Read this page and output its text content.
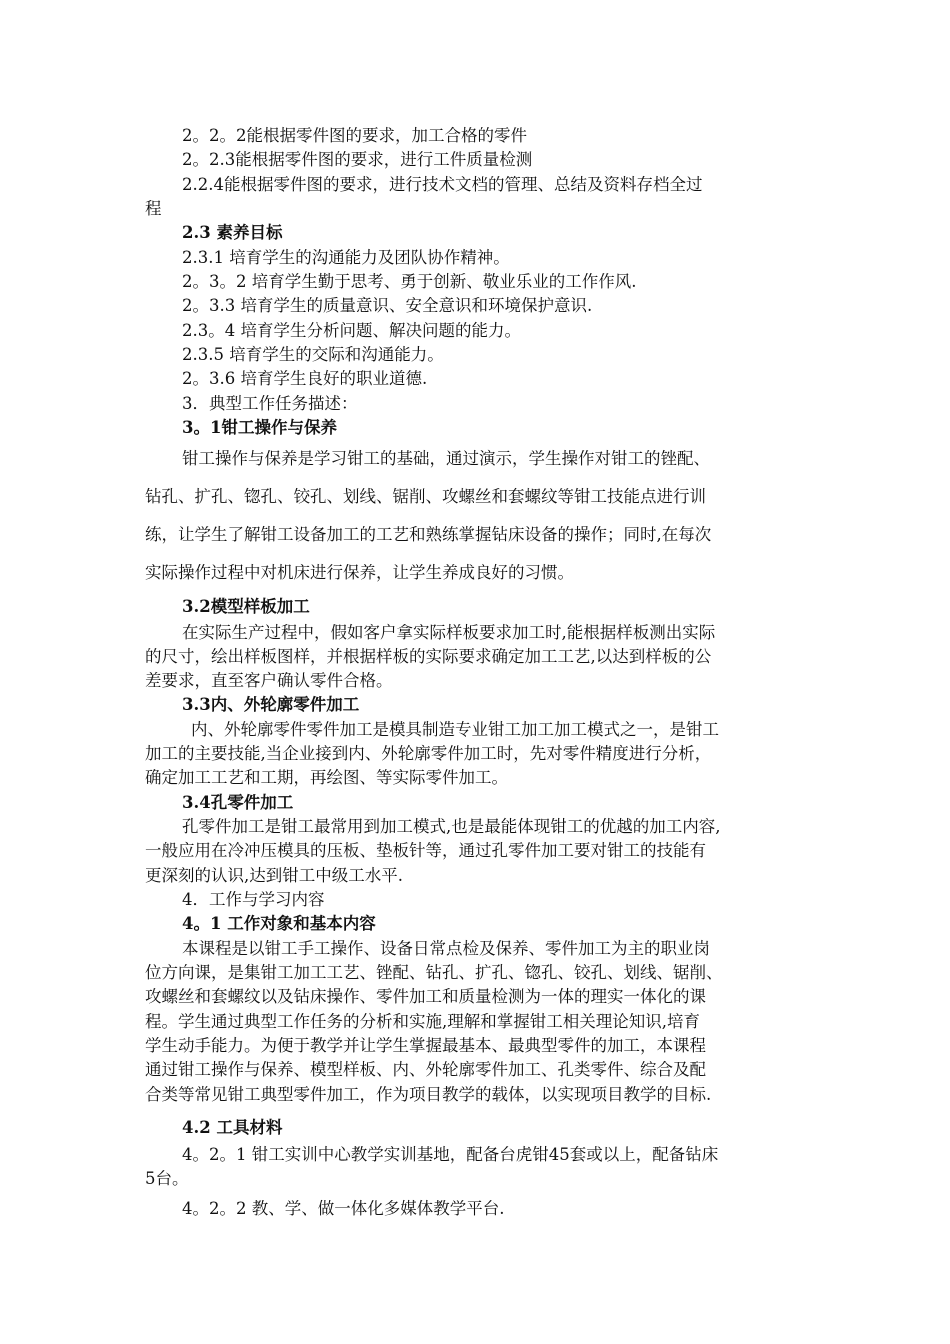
2。2。2能根据零件图的要求，加工合格的零件
2。2.3能根据零件图的要求，进行工件质量检测
2.2.4能根据零件图的要求，进行技术文档的管理、总结及资料存档全过
程
2.3 素养目标
2.3.1 培育学生的沟通能力及团队协作精神。
2。3。2 培育学生勤于思考、勇于创新、敬业乐业的工作作风.
2。3.3 培育学生的质量意识、安全意识和环境保护意识.
2.3。4 培育学生分析问题、解决问题的能力。
2.3.5 培育学生的交际和沟通能力。
2。3.6 培育学生良好的职业道德.
3．典型工作任务描述：
3。1钳工操作与保养
钳工操作与保养是学习钳工的基础，通过演示，学生操作对钳工的锉配、
钻孔、扩孔、锪孔、铰孔、划线、锯削、攻螺丝和套螺纹等钳工技能点进行训
练，让学生了解钳工设备加工的工艺和熟练掌握钻床设备的操作；同时,在每次
实际操作过程中对机床进行保养，让学生养成良好的习惯。
3.2模型样板加工
在实际生产过程中，假如客户拿实际样板要求加工时,能根据样板测出实际
的尺寸，绘出样板图样，并根据样板的实际要求确定加工工艺,以达到样板的公
差要求，直至客户确认零件合格。
3.3内、外轮廓零件加工
内、外轮廓零件零件加工是模具制造专业钳工加工加工模式之一，是钳工
加工的主要技能,当企业接到内、外轮廓零件加工时，先对零件精度进行分析，
确定加工工艺和工期，再绘图、等实际零件加工。
3.4孔零件加工
孔零件加工是钳工最常用到加工模式,也是最能体现钳工的优越的加工内容,
一般应用在冷冲压模具的压板、垫板针等，通过孔零件加工要对钳工的技能有
更深刻的认识,达到钳工中级工水平.
4．工作与学习内容
4。1 工作对象和基本内容
本课程是以钳工手工操作、设备日常点检及保养、零件加工为主的职业岗
位方向课，是集钳工加工工艺、锉配、钻孔、扩孔、锪孔、铰孔、划线、锯削、
攻螺丝和套螺纹以及钻床操作、零件加工和质量检测为一体的理实一体化的课
程。学生通过典型工作任务的分析和实施,理解和掌握钳工相关理论知识,培育
学生动手能力。为便于教学并让学生掌握最基本、最典型零件的加工，本课程
通过钳工操作与保养、模型样板、内、外轮廓零件加工、孔类零件、综合及配
合类等常见钳工典型零件加工，作为项目教学的载体，以实现项目教学的目标.
4.2 工具材料
4。2。1 钳工实训中心教学实训基地，配备台虎钳45套或以上，配备钻床
5台。
4。2。2 教、学、做一体化多媒体教学平台.
